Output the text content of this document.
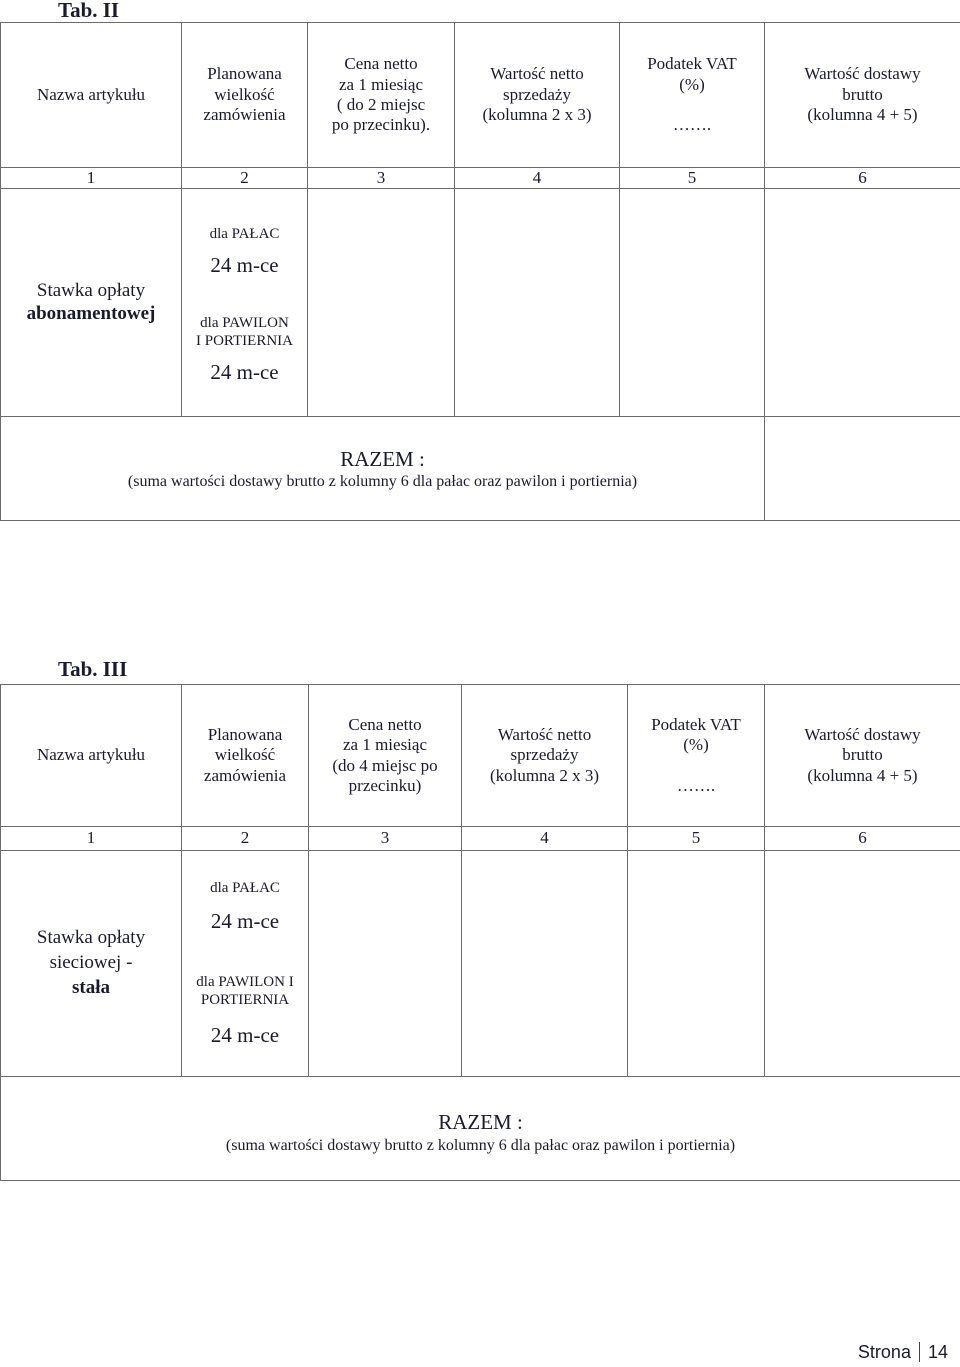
Tab. II
Nazwa artykułu	Planowana
wielkość
zamówienia	Cena netto
za 1 miesiąc
( do 2 miejsc
po przecinku).	Wartość netto
sprzedaży
(kolumna 2 x 3)	Podatek VAT
(%)
…….	Wartość dostawy
brutto
(kolumna 4 + 5)

1	2	3	4	5	6

Stawka opłaty
abonamentowej	dla PAŁAC
24 m-ce
dla PAWILON
I PORTIERNIA
24 m-ce				

RAZEM :
(suma wartości dostawy brutto z kolumny 6 dla pałac oraz pawilon i portiernia)					

Tab. III
Nazwa artykułu	Planowana
wielkość
zamówienia	Cena netto
za 1 miesiąc
(do 4 miejsc po
przecinku)	Wartość netto
sprzedaży
(kolumna 2 x 3)	Podatek VAT
(%)
…….	Wartość dostawy
brutto
(kolumna 4 + 5)

1	2	3	4	5	6

Stawka opłaty
sieciowej -
stała	dla PAŁAC
24 m-ce
dla PAWILON I
PORTIERNIA
24 m-ce				

RAZEM :
(suma wartości dostawy brutto z kolumny 6 dla pałac oraz pawilon i portiernia)					
Strona 14
